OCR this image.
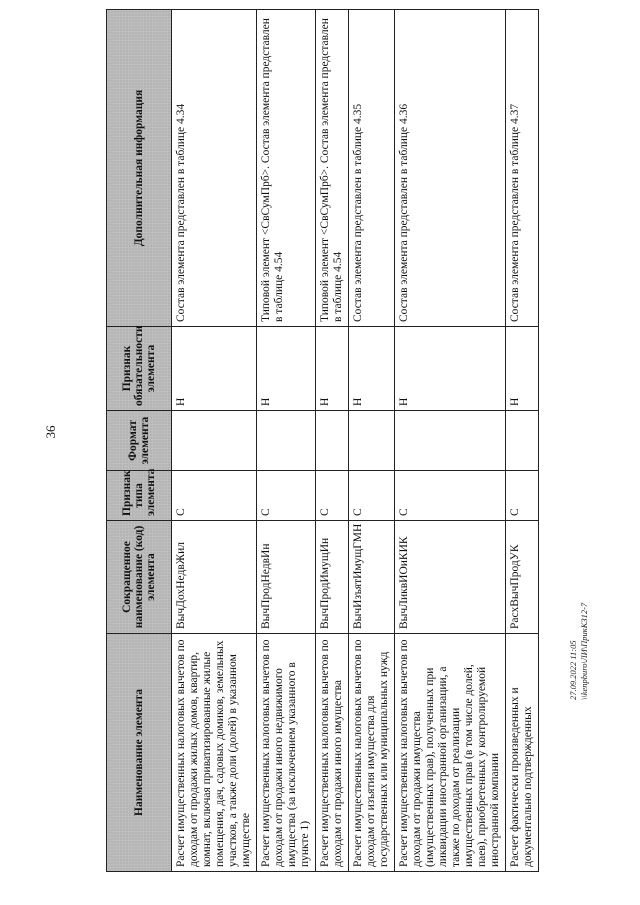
36
Наименование элемента	Сокращенное наименование (код) элемента	Признак типа элемента	Формат элемента	Признак обязательности элемента	Дополнительная информация
Расчет имущественных налоговых вычетов по доходам от продажи жилых домов, квартир, комнат, включая приватизированные жилые помещения, дач, садовых домиков, земельных участков, а также доли (долей) в указанном имуществе	ВычДохНедвЖил	С		Н	Состав элемента представлен в таблице 4.34
Расчет имущественных налоговых вычетов по доходам от продажи иного недвижимого имущества (за исключением указанного в пункте 1)	ВычПродНедвИн	С		Н	Типовой элемент <СвСумПрб>. Состав элемента представлен в таблице 4.54
Расчет имущественных налоговых вычетов по доходам от продажи иного имущества	ВычПродИмущИн	С		Н	Типовой элемент <СвСумПрб>. Состав элемента представлен в таблице 4.54
Расчет имущественных налоговых вычетов по доходам от изъятия имущества для государственных или муниципальных нужд	ВычИзъятИмущГМН	С		Н	Состав элемента представлен в таблице 4.35
Расчет имущественных налоговых вычетов по доходам от продажи имущества (имущественных прав), полученных при ликвидации иностранной организации, а также по доходам от реализации имущественных прав (в том числе долей, паев), приобретенных у контролируемой иностранной компании	ВычЛиквИОиКИК	С		Н	Состав элемента представлен в таблице 4.36
Расчет фактически произведенных и документально подтвержденных	РасхВычПродУК	С		Н	Состав элемента представлен в таблице 4.37
27.09.2022 11:05 \\kenpburo\ЛИ\ПрикКЗ12-7
